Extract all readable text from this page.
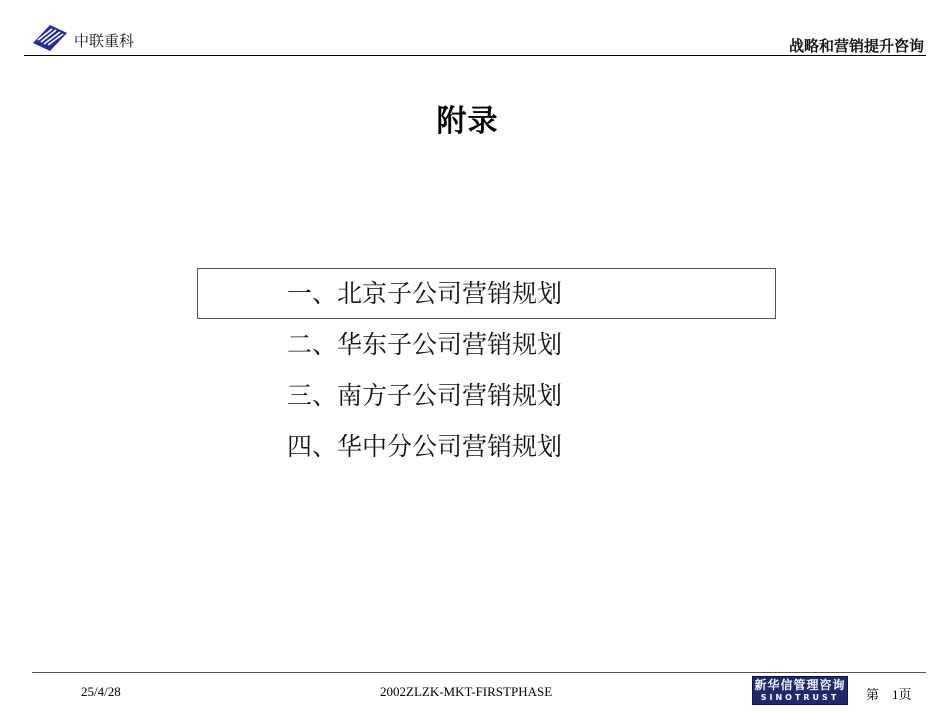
中联重科	战略和营销提升咨询
附录
一、北京子公司营销规划
二、华东子公司营销规划
三、南方子公司营销规划
四、华中分公司营销规划
25/4/28	2002ZLZK-MKT-FIRSTPHASE	新华信管理咨询
SINOTRUST	第　1页
